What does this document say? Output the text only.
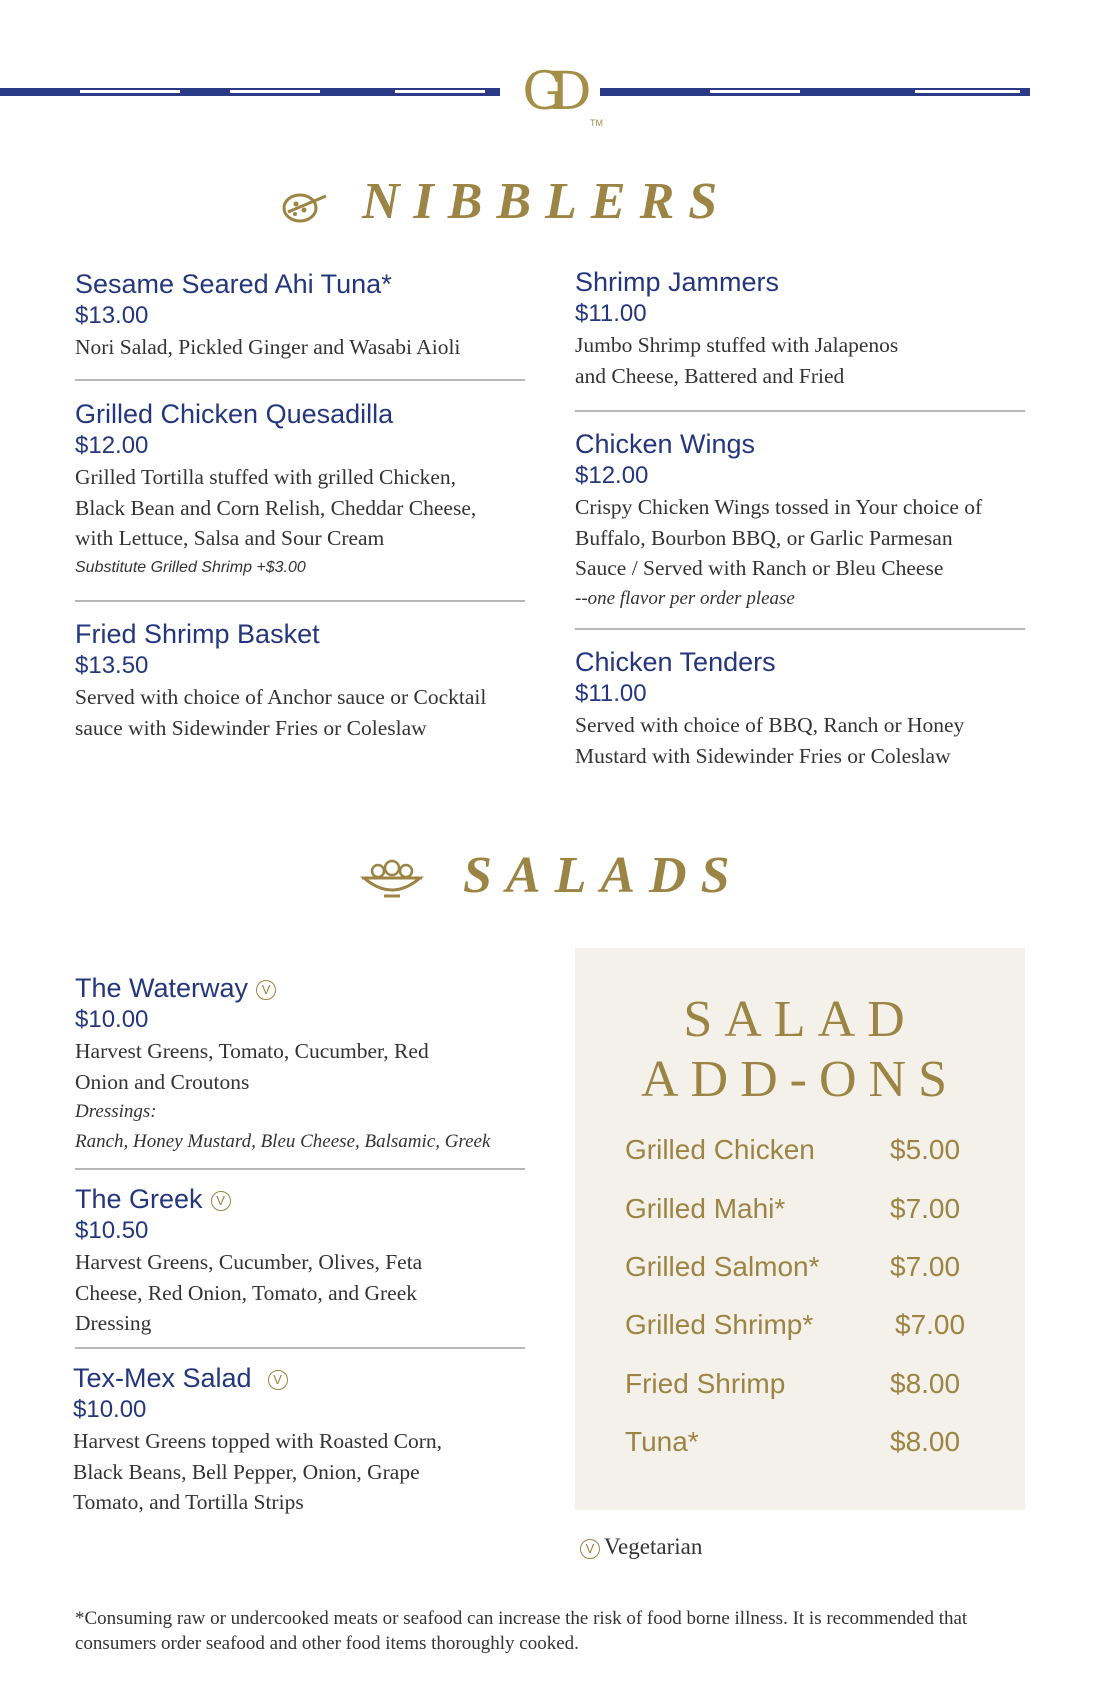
GD
TM
NIBBLERS
Sesame Seared Ahi Tuna*
$13.00
Nori Salad, Pickled Ginger and Wasabi Aioli
Grilled Chicken Quesadilla
$12.00
Grilled Tortilla stuffed with grilled Chicken,
Black Bean and Corn Relish, Cheddar Cheese,
with Lettuce, Salsa and Sour Cream
Substitute Grilled Shrimp +$3.00
Fried Shrimp Basket
$13.50
Served with choice of Anchor sauce or Cocktail
sauce with Sidewinder Fries or Coleslaw
Shrimp Jammers
$11.00
Jumbo Shrimp stuffed with Jalapenos
and Cheese, Battered and Fried
Chicken Wings
$12.00
Crispy Chicken Wings tossed in Your choice of
Buffalo, Bourbon BBQ, or Garlic Parmesan
Sauce / Served with Ranch or Bleu Cheese
--one flavor per order please
Chicken Tenders
$11.00
Served with choice of BBQ, Ranch or Honey
Mustard with Sidewinder Fries or Coleslaw
SALADS
The Waterway V
$10.00
Harvest Greens, Tomato, Cucumber, Red
Onion and Croutons
Dressings:
Ranch, Honey Mustard, Bleu Cheese, Balsamic, Greek
The Greek V
$10.50
Harvest Greens, Cucumber, Olives, Feta
Cheese, Red Onion, Tomato, and Greek
Dressing
Tex-Mex Salad V
$10.00
Harvest Greens topped with Roasted Corn,
Black Beans, Bell Pepper, Onion, Grape
Tomato, and Tortilla Strips
SALAD
ADD-ONS
Grilled Chicken	$5.00
Grilled Mahi*	$7.00
Grilled Salmon*	$7.00
Grilled Shrimp*	$7.00
Fried Shrimp	$8.00
Tuna*	$8.00
V Vegetarian
*Consuming raw or undercooked meats or seafood can increase the risk of food borne illness. It is recommended that consumers order seafood and other food items thoroughly cooked.
